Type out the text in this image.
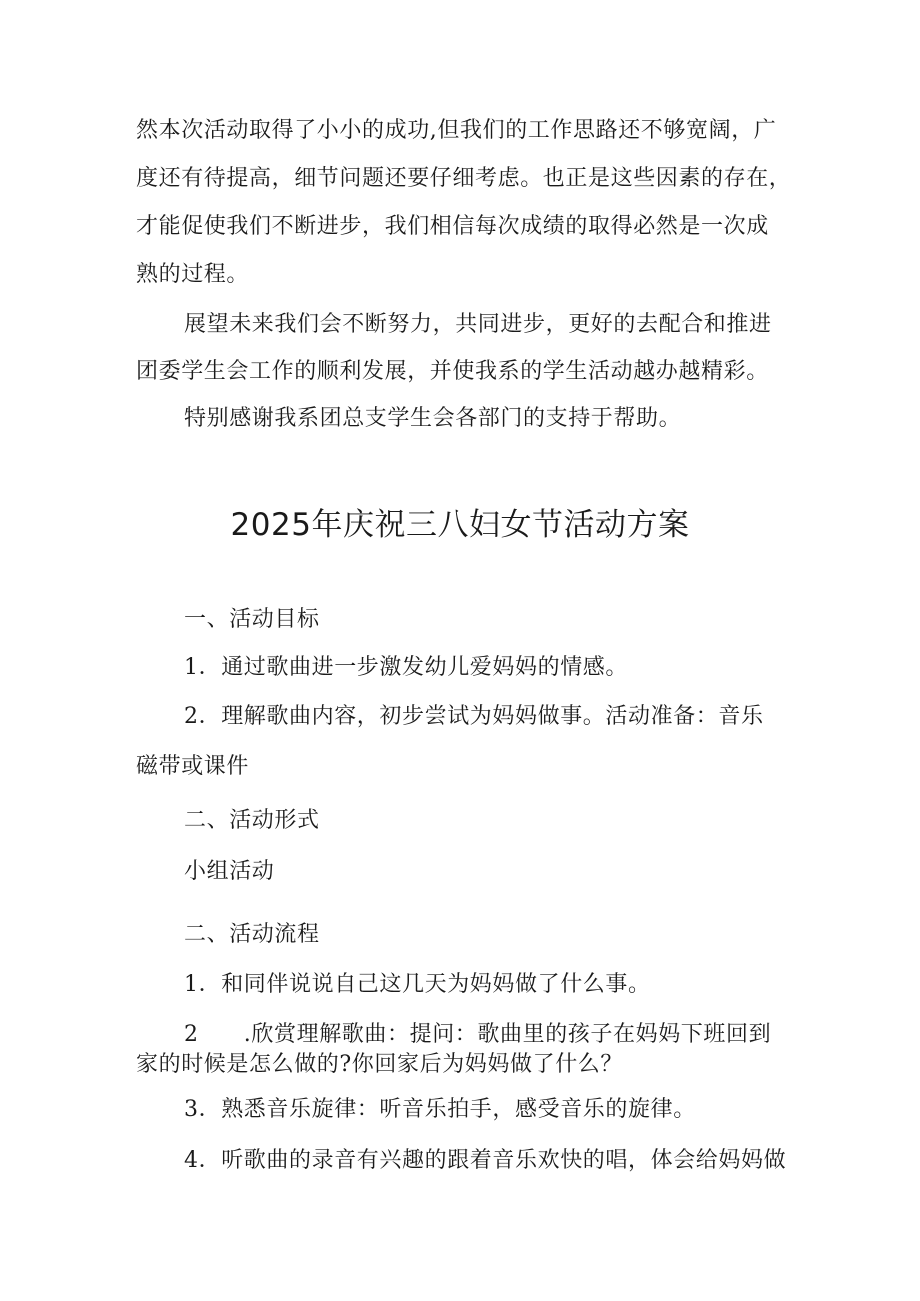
然本次活动取得了小小的成功,但我们的工作思路还不够宽阔，广
度还有待提高，细节问题还要仔细考虑。也正是这些因素的存在，
才能促使我们不断进步，我们相信每次成绩的取得必然是一次成
熟的过程。
展望未来我们会不断努力，共同进步，更好的去配合和推进
团委学生会工作的顺利发展，并使我系的学生活动越办越精彩。
特别感谢我系团总支学生会各部门的支持于帮助。
2025年庆祝三八妇女节活动方案
一、活动目标
1．通过歌曲进一步激发幼儿爱妈妈的情感。
2．理解歌曲内容，初步尝试为妈妈做事。活动准备：音乐
磁带或课件
二、活动形式
小组活动
二、活动流程
1．和同伴说说自己这几天为妈妈做了什么事。
2　　.欣赏理解歌曲：提问：歌曲里的孩子在妈妈下班回到
家的时候是怎么做的?你回家后为妈妈做了什么？
3．熟悉音乐旋律：听音乐拍手，感受音乐的旋律。
4．听歌曲的录音有兴趣的跟着音乐欢快的唱，体会给妈妈做
